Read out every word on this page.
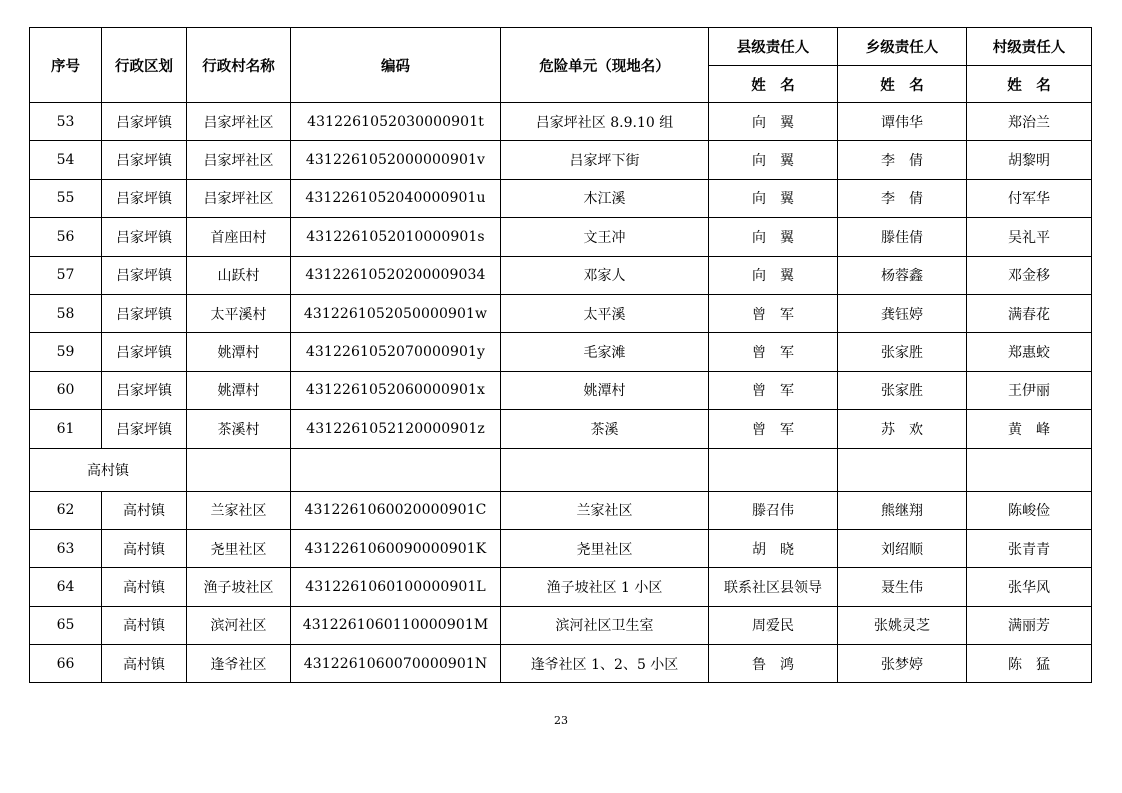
序号	行政区划	行政村名称	编码	危险单元（现地名）	县级责任人	乡级责任人	村级责任人
					姓　名	姓　名	姓　名
53	吕家坪镇	吕家坪社区	4312261052030000901t	吕家坪社区 8.9.10 组	向　翼	谭伟华	郑治兰
54	吕家坪镇	吕家坪社区	4312261052000000901v	吕家坪下街	向　翼	李　倩	胡黎明
55	吕家坪镇	吕家坪社区	4312261052040000901u	木江溪	向　翼	李　倩	付军华
56	吕家坪镇	首座田村	4312261052010000901s	文王冲	向　翼	滕佳倩	吴礼平
57	吕家坪镇	山跃村	43122610520200009034	邓家人	向　翼	杨蓉鑫	邓金移
58	吕家坪镇	太平溪村	4312261052050000901w	太平溪	曾　军	龚钰婷	满春花
59	吕家坪镇	姚潭村	4312261052070000901y	毛家滩	曾　军	张家胜	郑惠蛟
60	吕家坪镇	姚潭村	4312261052060000901x	姚潭村	曾　军	张家胜	王伊丽
61	吕家坪镇	茶溪村	4312261052120000901z	茶溪	曾　军	苏　欢	黄　峰
高村镇							
62	高村镇	兰家社区	4312261060020000901C	兰家社区	滕召伟	熊继翔	陈峻俭
63	高村镇	尧里社区	4312261060090000901K	尧里社区	胡　晓	刘绍顺	张青青
64	高村镇	渔子坡社区	4312261060100000901L	渔子坡社区 1 小区	联系社区县领导	聂生伟	张华风
65	高村镇	滨河社区	4312261060110000901M	滨河社区卫生室	周爱民	张姚灵芝	满丽芳
66	高村镇	逢爷社区	4312261060070000901N	逢爷社区 1、2、5 小区	鲁　鸿	张梦婷	陈　猛
23
